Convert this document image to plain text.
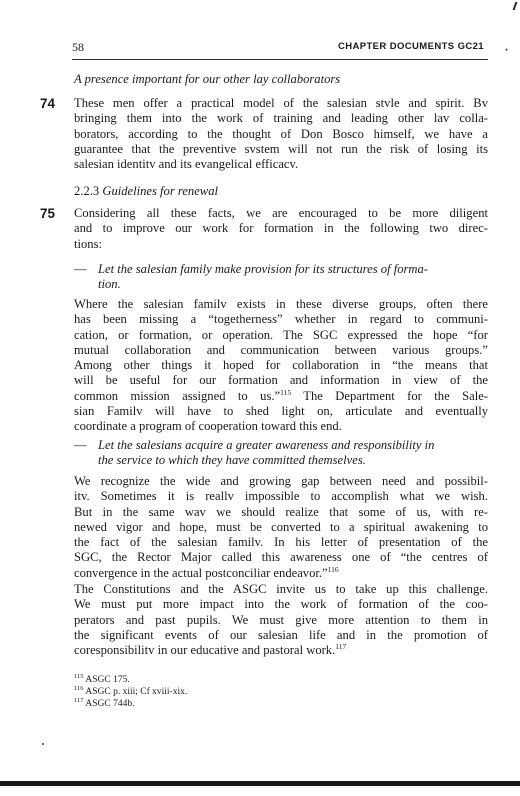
58	CHAPTER DOCUMENTS GC21 •
A presence important for our other lay collaborators
74 These men offer a practical model of the salesian stvle and spirit. Bv
bringing them into the work of training and leading other lav colla-
borators, according to the thought of Don Bosco himself, we have a
guarantee that the preventive svstem will not run the risk of losing its
salesian identitv and its evangelical efficacv.
2.2.3 Guidelines for renewal
75 Considering all these facts, we are encouraged to be more diligent
and to improve our work for formation in the following two direc-
tions:
— Let the salesian family make provision for its structures of forma-
tion.
Where the salesian familv exists in these diverse groups, often there
has been missing a “togetherness” whether in regard to communi-
cation, or formation, or operation. The SGC expressed the hope “for
mutual collaboration and communication between various groups.”
Among other things it hoped for collaboration in “the means that
will be useful for our formation and information in view of the
common mission assigned to us.”$^{115}$ The Department for the Sale-
sian Familv will have to shed light on, articulate and eventually
coordinate a program of cooperation toward this end.
— Let the salesians acquire a greater awareness and responsibility in
the service to which they have committed themselves.
We recognize the wide and growing gap between need and possibil-
itv. Sometimes it is reallv impossible to accomplish what we wish.
But in the same wav we should realize that some of us, with re-
newed vigor and hope, must be converted to a spiritual awakening to
the fact of the salesian familv. In his letter of presentation of the
SGC, the Rector Major called this awareness one of “the centres of
convergence in the actual postconciliar endeavor.”$^{116}$
The Constitutions and the ASGC invite us to take up this challenge.
We must put more impact into the work of formation of the coo-
perators and past pupils. We must give more attention to them in
the significant events of our salesian life and in the promotion of
coresponsibilitv in our educative and pastoral work.$^{117}$
$^{115}$ ASGC 175.
$^{116}$ ASGC p. xiii; Cf xviii-xix.
$^{117}$ ASGC 744b.
